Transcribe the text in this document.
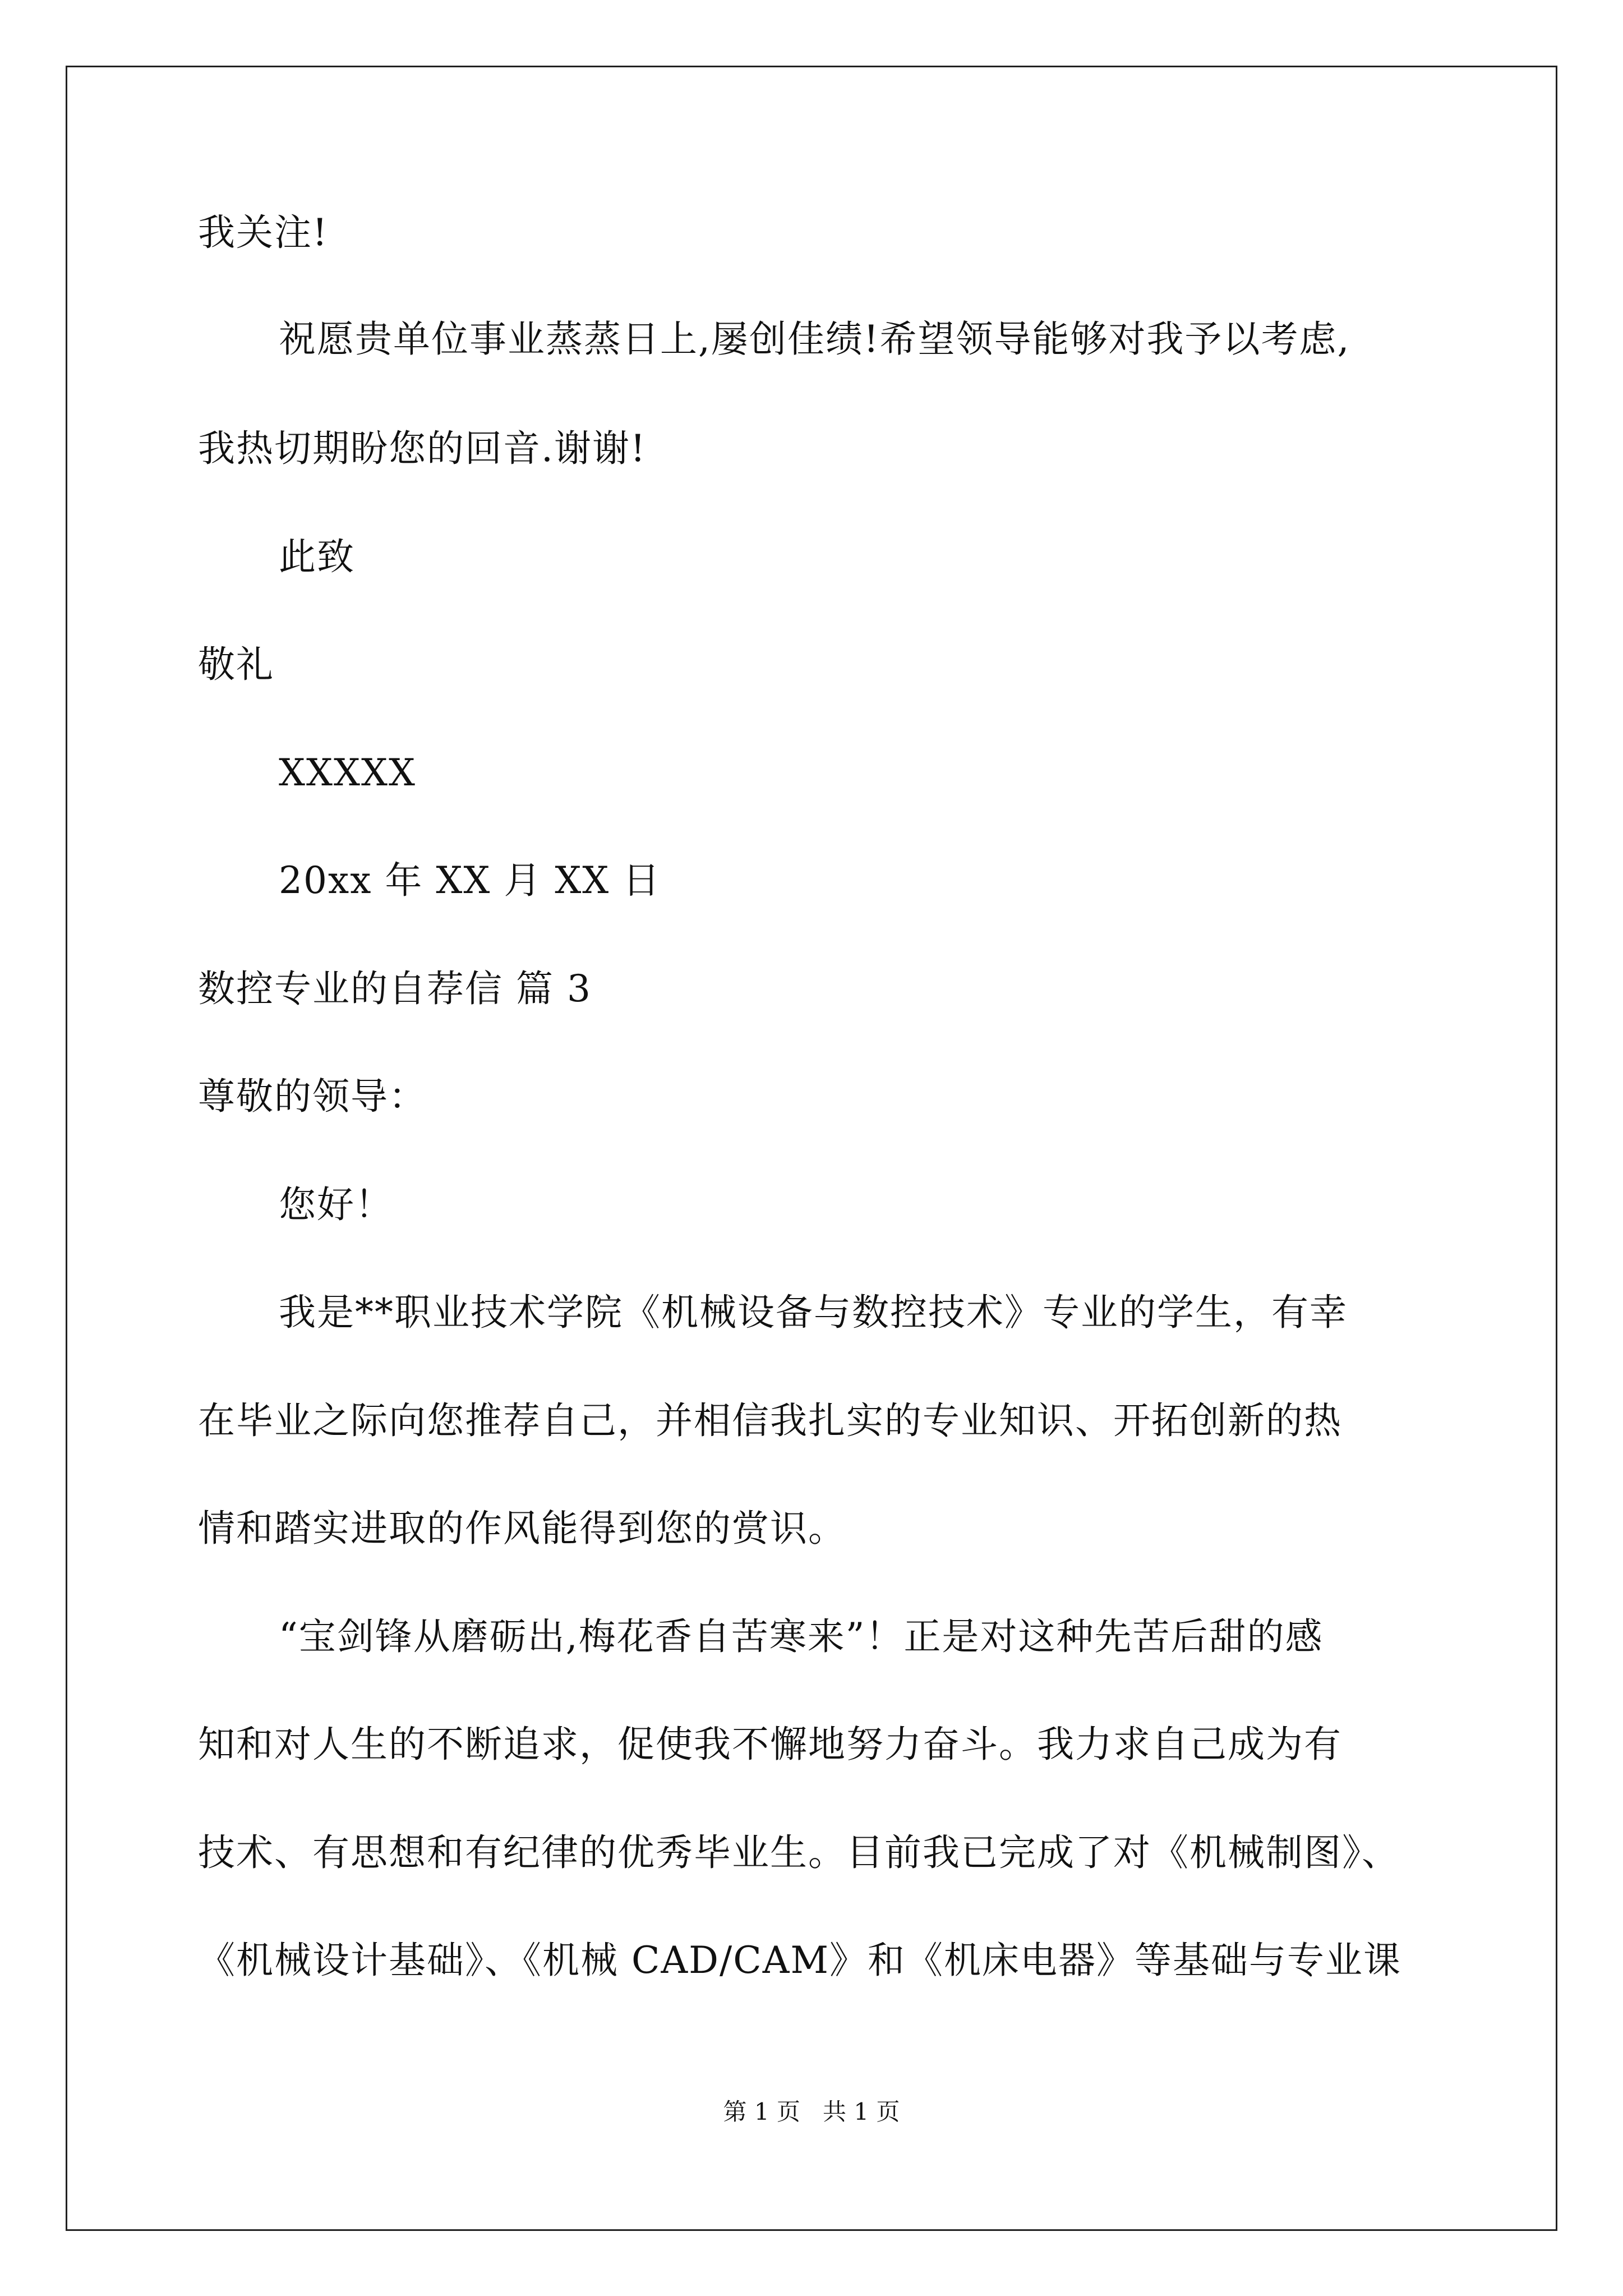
我关注!
祝愿贵单位事业蒸蒸日上,屡创佳绩!希望领导能够对我予以考虑,
我热切期盼您的回音.谢谢!
此致
敬礼
XXXXX
20xx 年 XX 月 XX 日
数控专业的自荐信 篇 3
尊敬的领导：
您好！
我是**职业技术学院《机械设备与数控技术》专业的学生，有幸
在毕业之际向您推荐自己，并相信我扎实的专业知识、开拓创新的热
情和踏实进取的作风能得到您的赏识。
“宝剑锋从磨砺出,梅花香自苦寒来”！正是对这种先苦后甜的感
知和对人生的不断追求，促使我不懈地努力奋斗。我力求自己成为有
技术、有思想和有纪律的优秀毕业生。目前我已完成了对《机械制图》、
《机械设计基础》、《机械 CAD/CAM》和《机床电器》等基础与专业课
第 1 页   共 1 页
